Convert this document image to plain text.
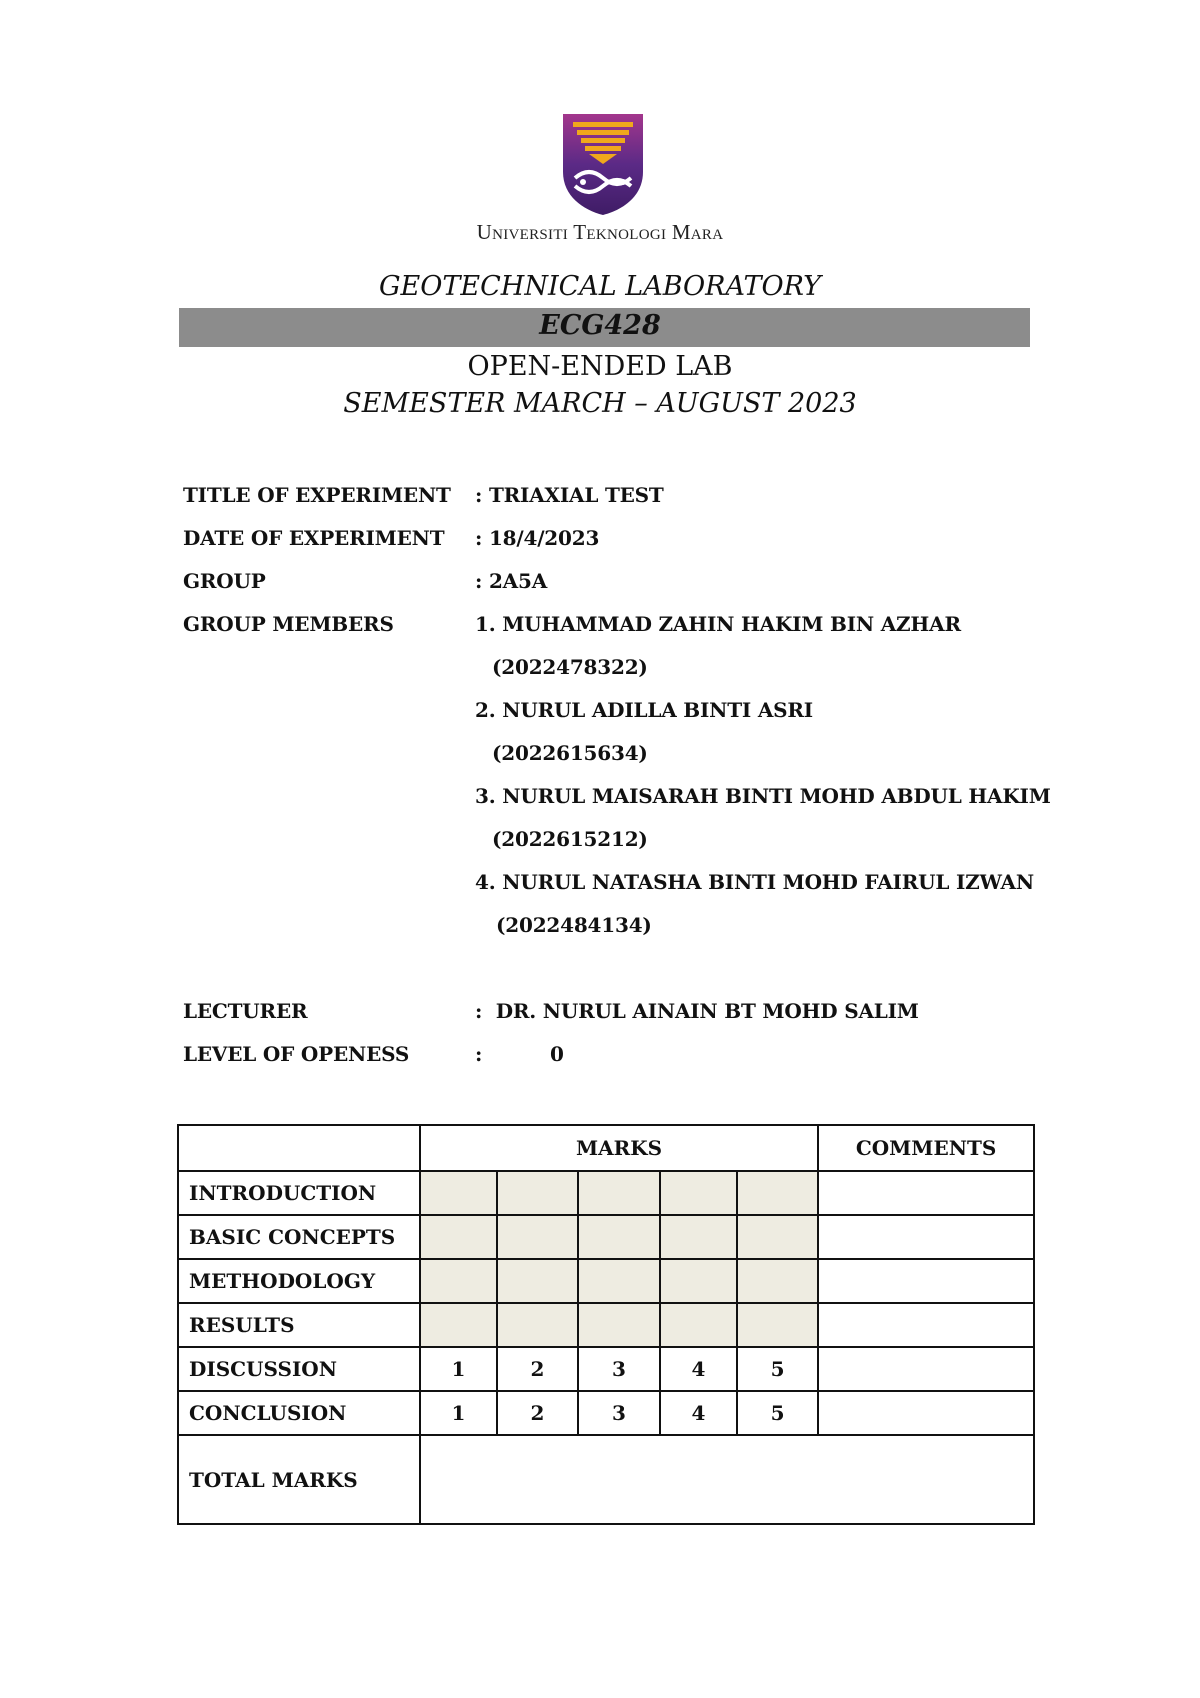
Universiti Teknologi Mara
GEOTECHNICAL LABORATORY
ECG428
OPEN-ENDED LAB
SEMESTER MARCH – AUGUST 2023
TITLE OF EXPERIMENT : TRIAXIAL TEST
DATE OF EXPERIMENT : 18/4/2023
GROUP	: 2A5A
GROUP MEMBERS	1. MUHAMMAD ZAHIN HAKIM BIN AZHAR
(2022478322)
2. NURUL ADILLA BINTI ASRI
(2022615634)
3. NURUL MAISARAH BINTI MOHD ABDUL HAKIM
(2022615212)
4. NURUL NATASHA BINTI MOHD FAIRUL IZWAN
(2022484134)
LECTURER	:  DR. NURUL AINAIN BT MOHD SALIM
LEVEL OF OPENESS	:	0
	MARKS					COMMENTS
INTRODUCTION						
BASIC CONCEPTS						
METHODOLOGY						
RESULTS						
DISCUSSION	1	2	3	4	5	
CONCLUSION	1	2	3	4	5	
TOTAL MARKS						
